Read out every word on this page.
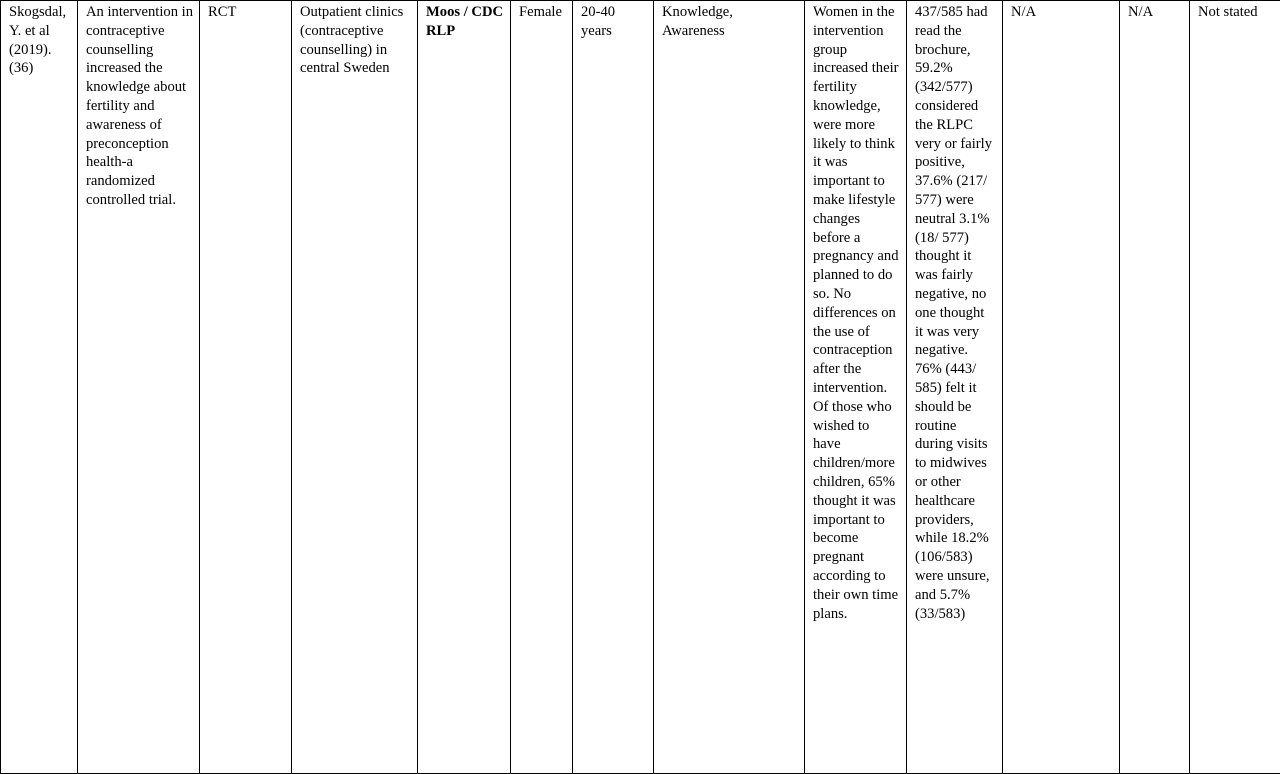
Skogsdal, Y. et al (2019). (36)

An intervention in contraceptive counselling increased the knowledge about fertility and awareness of preconception health-a randomized controlled trial.

RCT	Outpatient clinics (contraceptive counselling) in central Sweden

Moos / CDC RLP

Female	20-40 years

Knowledge, Awareness

Women in the intervention group increased their fertility knowledge, were more likely to think it was important to make lifestyle changes before a pregnancy and planned to do so. No differences on the use of contraception after the intervention. Of those who wished to have children/more children, 65% thought it was important to become pregnant according to their own time plans.

437/585 had read the brochure, 59.2% (342/577) considered the RLPC very or fairly positive, 37.6% (217/ 577) were neutral 3.1% (18/ 577) thought it was fairly negative, no one thought it was very negative. 76% (443/ 585) felt it should be routine during visits to midwives or other healthcare providers, while 18.2% (106/583) were unsure, and 5.7% (33/583)

N/A	N/A	Not stated
